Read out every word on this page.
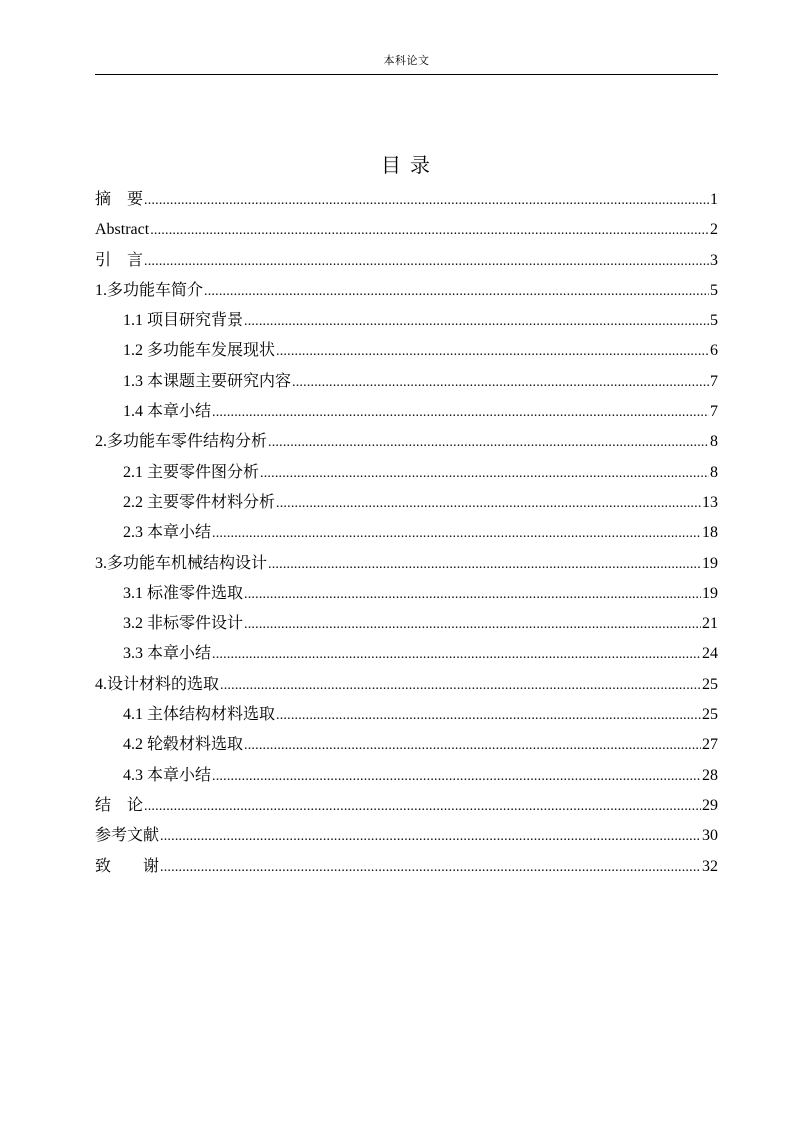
本科论文
目 录
摘　要 .....	1
Abstract .....	2
引　言 .....	3
1.多功能车简介 .....	5
1.1 项目研究背景 .....	5
1.2 多功能车发展现状 .....	6
1.3 本课题主要研究内容 .....	7
1.4 本章小结 .....	7
2.多功能车零件结构分析 .....	8
2.1 主要零件图分析 .....	8
2.2 主要零件材料分析 .....	13
2.3 本章小结 .....	18
3.多功能车机械结构设计 .....	19
3.1 标准零件选取 .....	19
3.2 非标零件设计 .....	21
3.3 本章小结 .....	24
4.设计材料的选取 .....	25
4.1 主体结构材料选取 .....	25
4.2 轮毂材料选取 .....	27
4.3 本章小结 .....	28
结　论 .....	29
参考文献 .....	30
致　　谢 .....	32
